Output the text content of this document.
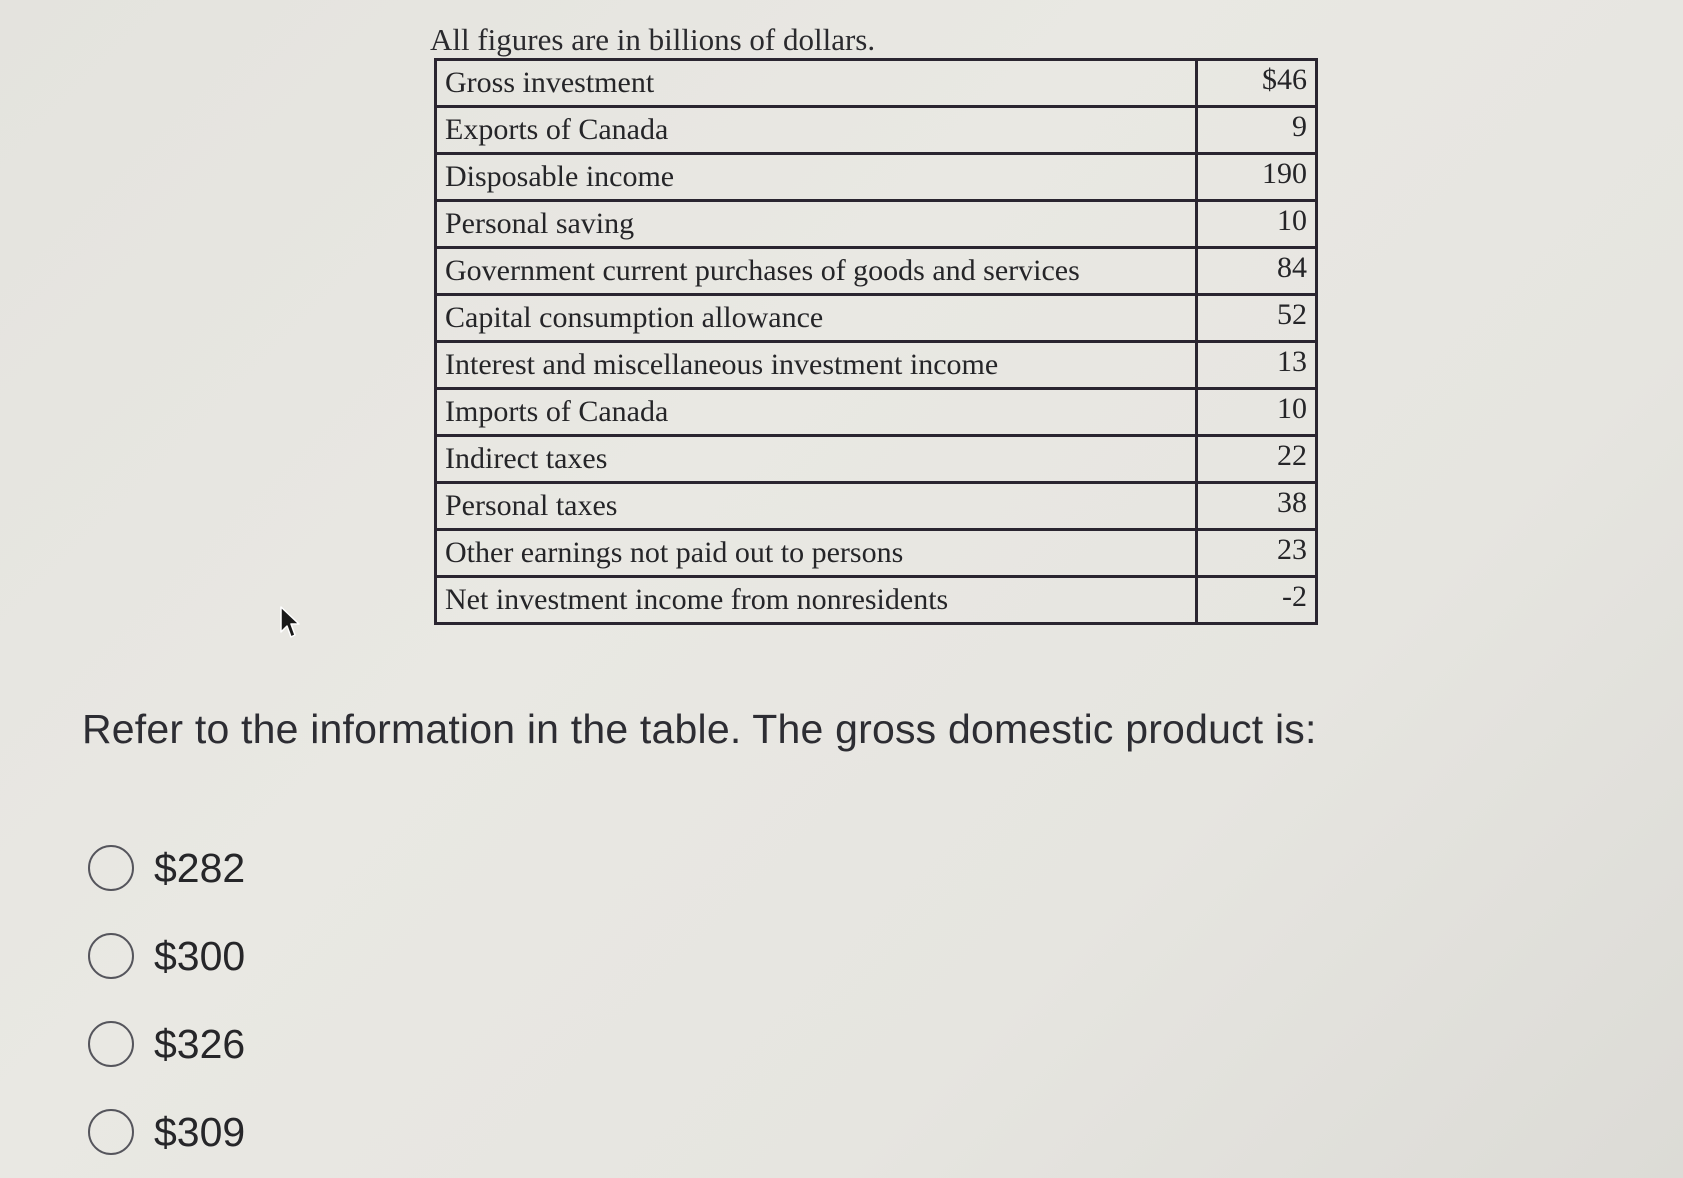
All figures are in billions of dollars.
Gross investment	$46
Exports of Canada	9
Disposable income	190
Personal saving	10
Government current purchases of goods and services	84
Capital consumption allowance	52
Interest and miscellaneous investment income	13
Imports of Canada	10
Indirect taxes	22
Personal taxes	38
Other earnings not paid out to persons	23
Net investment income from nonresidents	-2
Refer to the information in the table. The gross domestic product is:
$282
$300
$326
$309
